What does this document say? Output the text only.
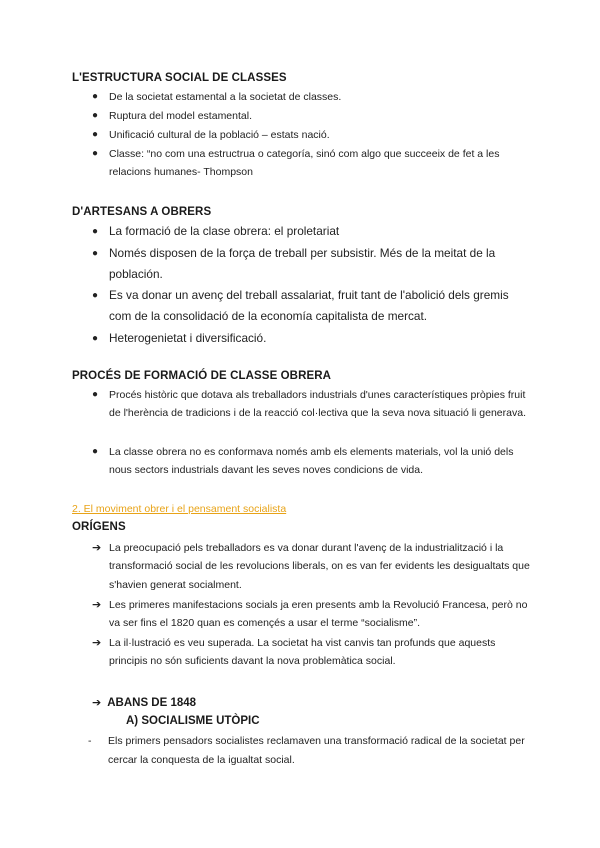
L'ESTRUCTURA SOCIAL DE CLASSES
● De la societat estamental a la societat de classes.
● Ruptura del model estamental.
● Unificació cultural de la població – estats nació.
● Classe: “no com una estructrua o categoría, sinó com algo que succeeix de fet a les relacions humanes- Thompson
D'ARTESANS A OBRERS
● La formació de la clase obrera: el proletariat
● Només disposen de la força de treball per subsistir. Més de la meitat de la población.
● Es va donar un avenç del treball assalariat, fruit tant de l'abolició dels gremis com de la consolidació de la economía capitalista de mercat.
● Heterogenietat i diversificació.
PROCÉS DE FORMACIÓ DE CLASSE OBRERA
● Procés històric que dotava als treballadors industrials d'unes característiques pròpies fruit de l'herència de tradicions i de la reacció col·lectiva que la seva nova situació li generava.
● La classe obrera no es conformava només amb els elements materials, vol la unió dels nous sectors industrials davant les seves noves condicions de vida.
2. El moviment obrer i el pensament socialista
ORÍGENS
➔ La preocupació pels treballadors es va donar durant l'avenç de la industrialització i la transformació social de les revolucions liberals, on es van fer evidents les desigualtats que s'havien generat socialment.
➔ Les primeres manifestacions socials ja eren presents amb la Revolució Francesa, però no va ser fins el 1820 quan es començés a usar el terme “socialisme”.
➔ La il·lustració es veu superada. La societat ha vist canvis tan profunds que aquests principis no són suficients davant la nova problemàtica social.
➔ ABANS DE 1848
A) SOCIALISME UTÒPIC
- Els primers pensadors socialistes reclamaven una transformació radical de la societat per cercar la conquesta de la igualtat social.
